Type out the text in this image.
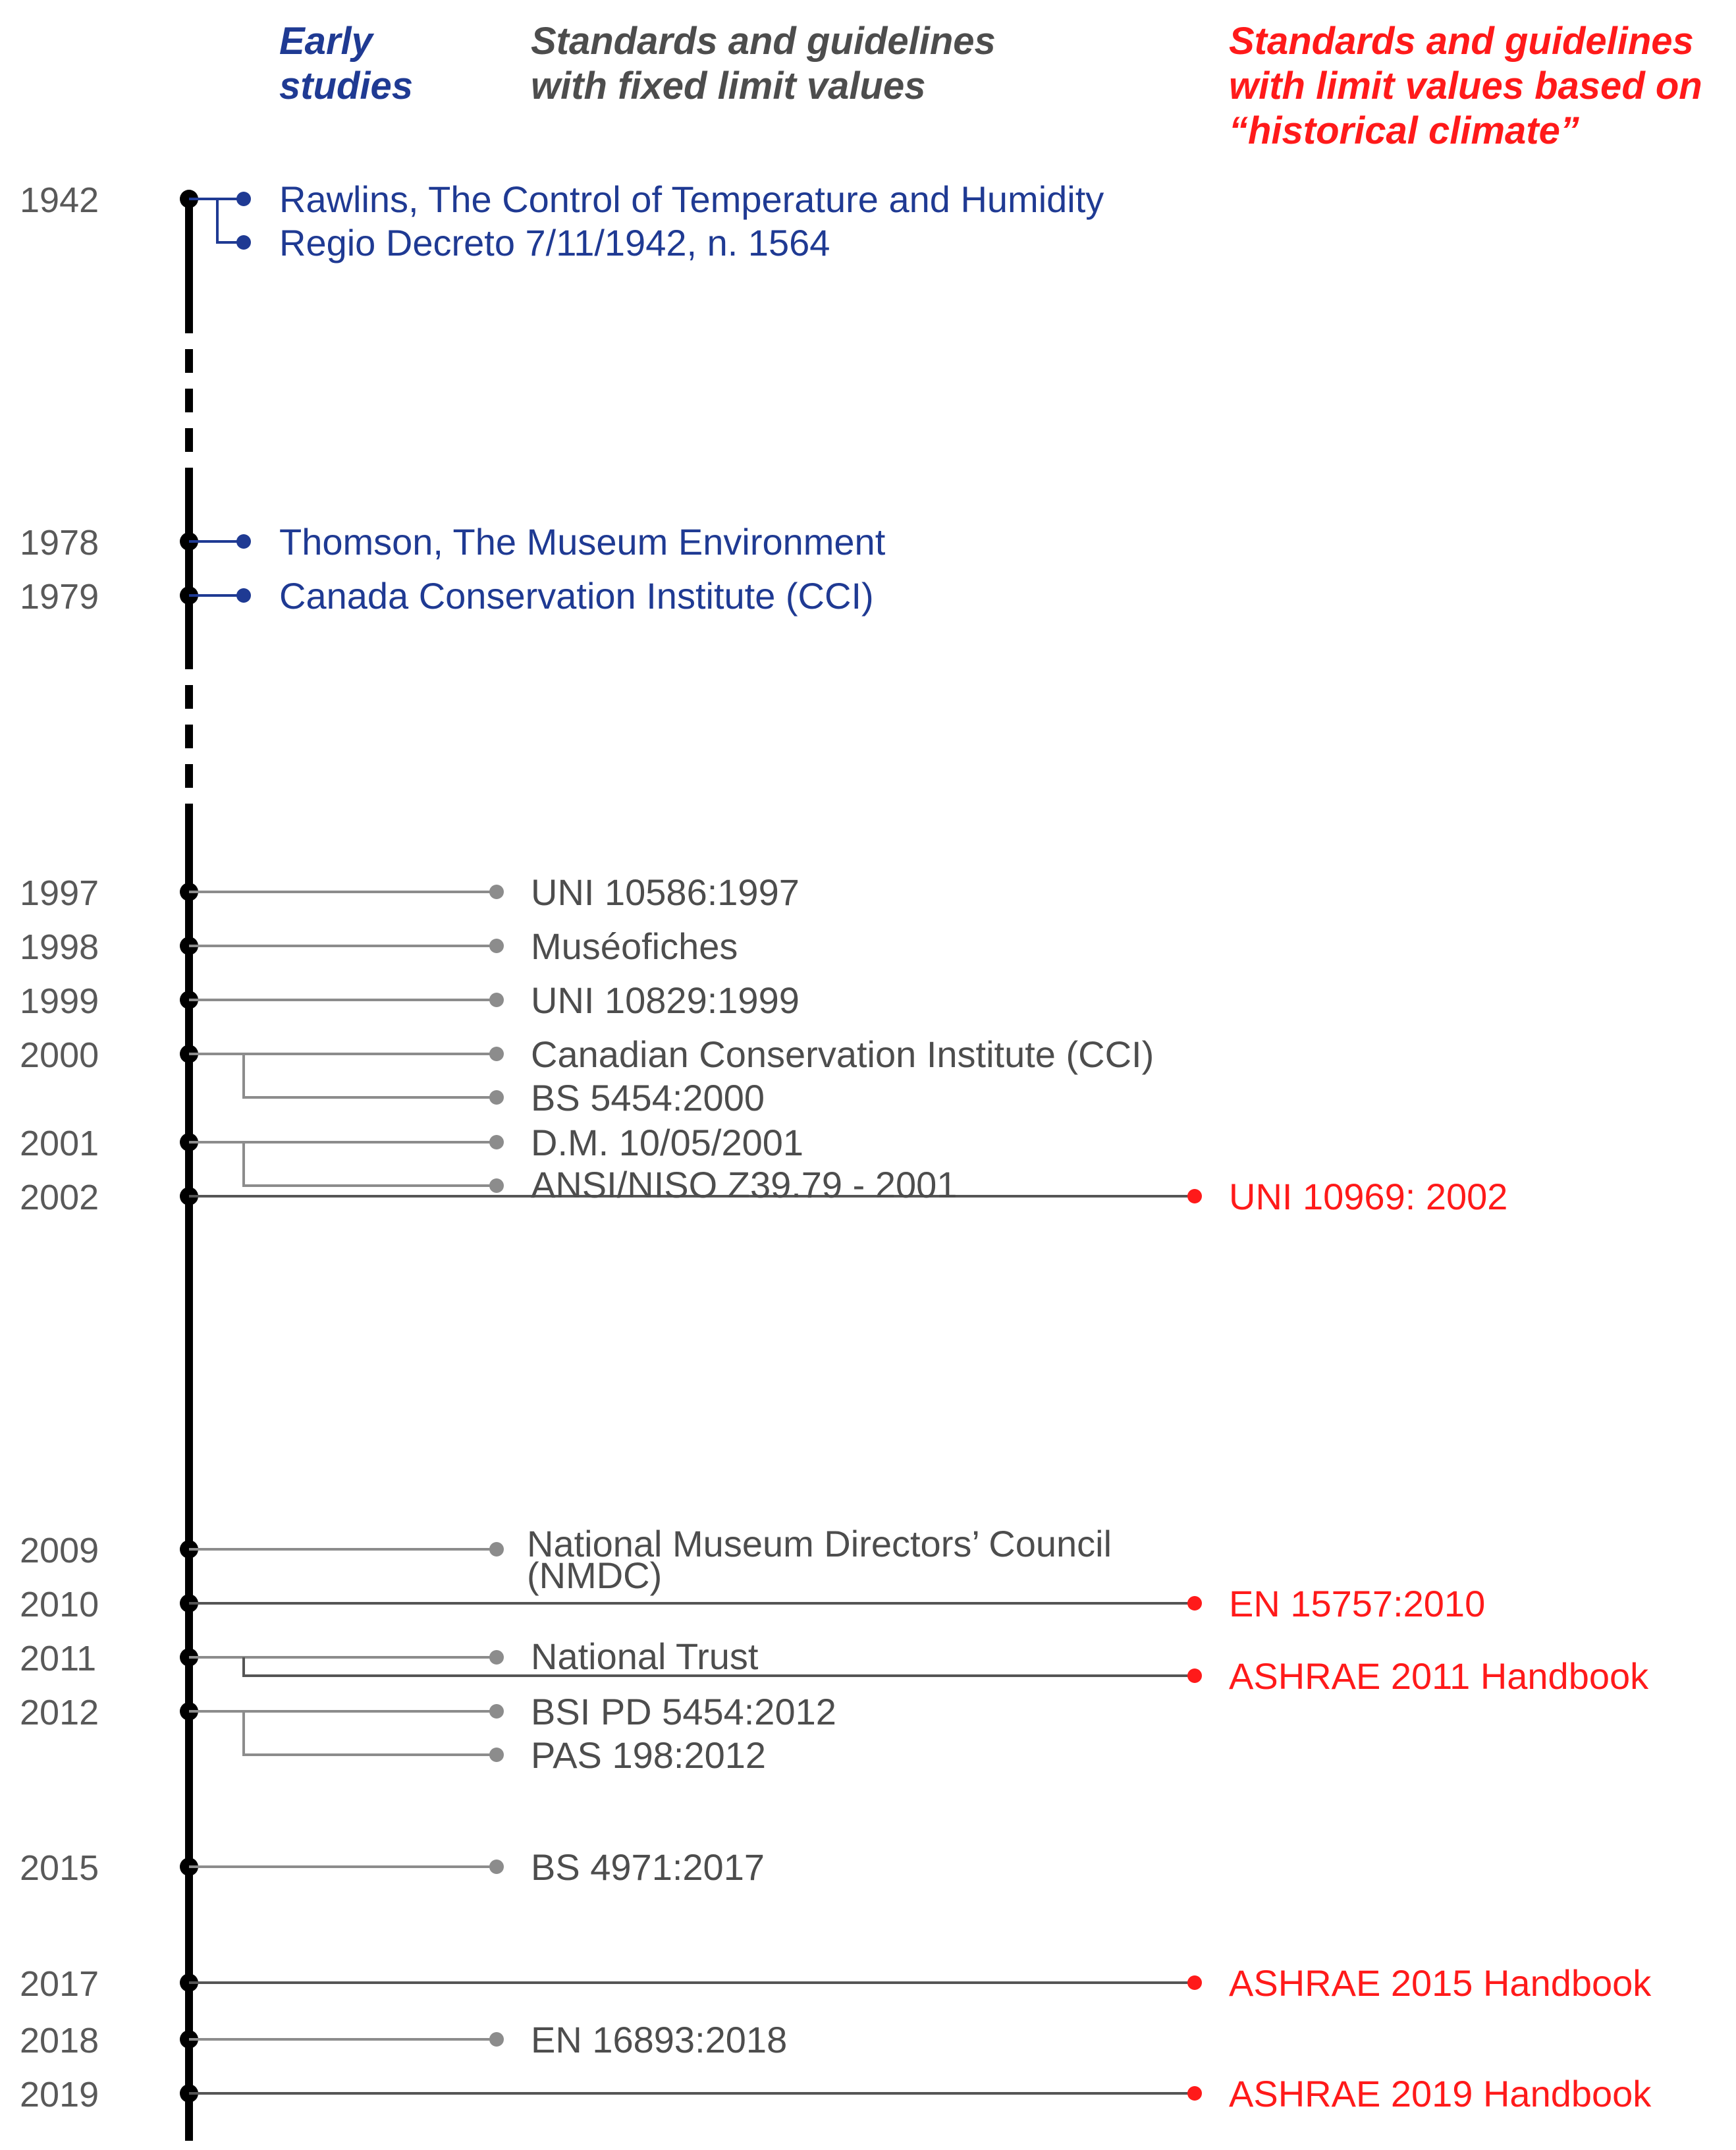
Early
studies
Standards and guidelines
with fixed limit values
Standards and guidelines
with limit values based on
“historical climate”
1942
1978
1979
1997
1998
1999
2000
2001
2002
2009
2010
2011
2012
2015
2017
2018
2019
Rawlins, The Control of Temperature and Humidity
Regio Decreto 7/11/1942, n. 1564
Thomson, The Museum Environment
Canada Conservation Institute (CCI)
UNI 10586:1997
Muséofiches
UNI 10829:1999
Canadian Conservation Institute (CCI)
BS 5454:2000
D.M. 10/05/2001
ANSI/NISO Z39.79 - 2001	UNI 10969: 2002
National Museum Directors’ Council (NMDC)
EN 15757:2010
National Trust	ASHRAE 2011 Handbook
BSI PD 5454:2012
PAS 198:2012
BS 4971:2017
ASHRAE 2015 Handbook
EN 16893:2018
ASHRAE 2019 Handbook
